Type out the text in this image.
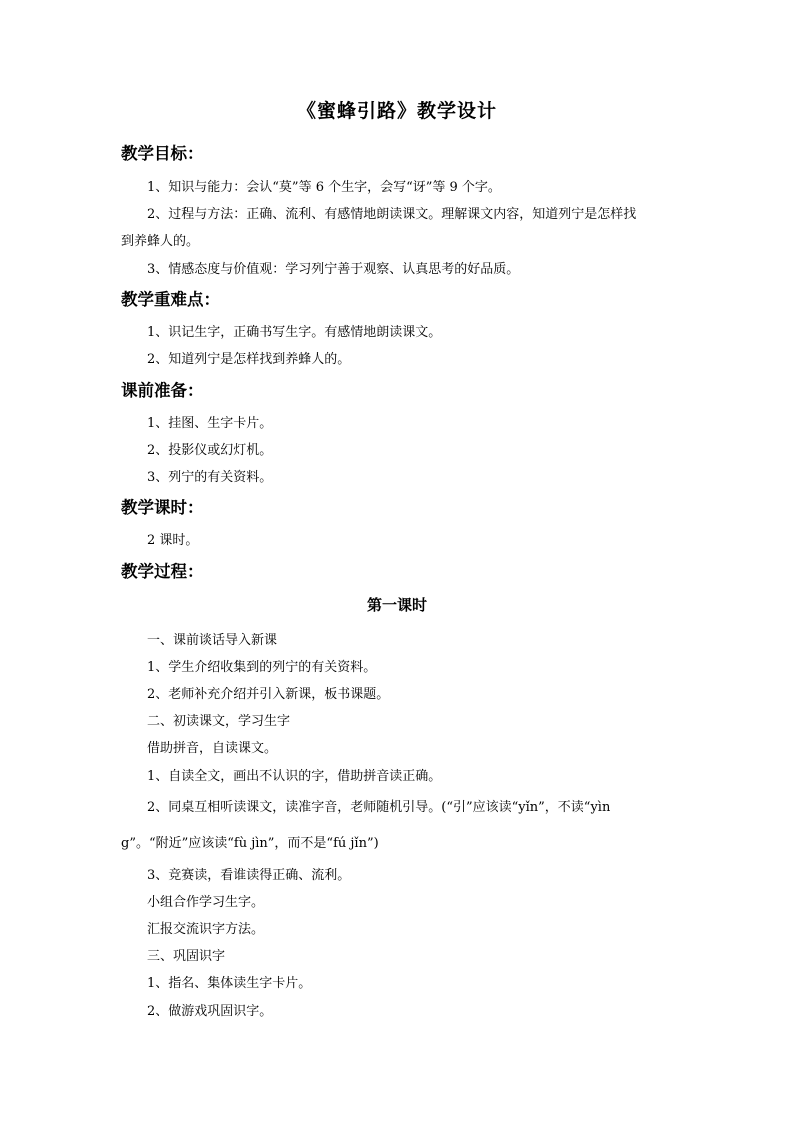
《蜜蜂引路》教学设计
教学目标：
1、知识与能力：会认“莫”等 6 个生字，会写“讶”等 9 个字。
2、过程与方法：正确、流利、有感情地朗读课文。理解课文内容，知道列宁是怎样找
到养蜂人的。
3、情感态度与价值观：学习列宁善于观察、认真思考的好品质。
教学重难点：
1、识记生字，正确书写生字。有感情地朗读课文。
2、知道列宁是怎样找到养蜂人的。
课前准备：
1、挂图、生字卡片。
2、投影仪或幻灯机。
3、列宁的有关资料。
教学课时：
2 课时。
教学过程：
第一课时
一、课前谈话导入新课
1、学生介绍收集到的列宁的有关资料。
2、老师补充介绍并引入新课，板书课题。
二、初读课文，学习生字
借助拼音，自读课文。
1、自读全文，画出不认识的字，借助拼音读正确。
2、同桌互相听读课文，读准字音，老师随机引导。(“引”应该读“yǐn”，不读“yìn
g”。“附近”应该读“fù jìn”，而不是“fú jǐn”)
3、竞赛读，看谁读得正确、流利。
小组合作学习生字。
汇报交流识字方法。
三、巩固识字
1、指名、集体读生字卡片。
2、做游戏巩固识字。
